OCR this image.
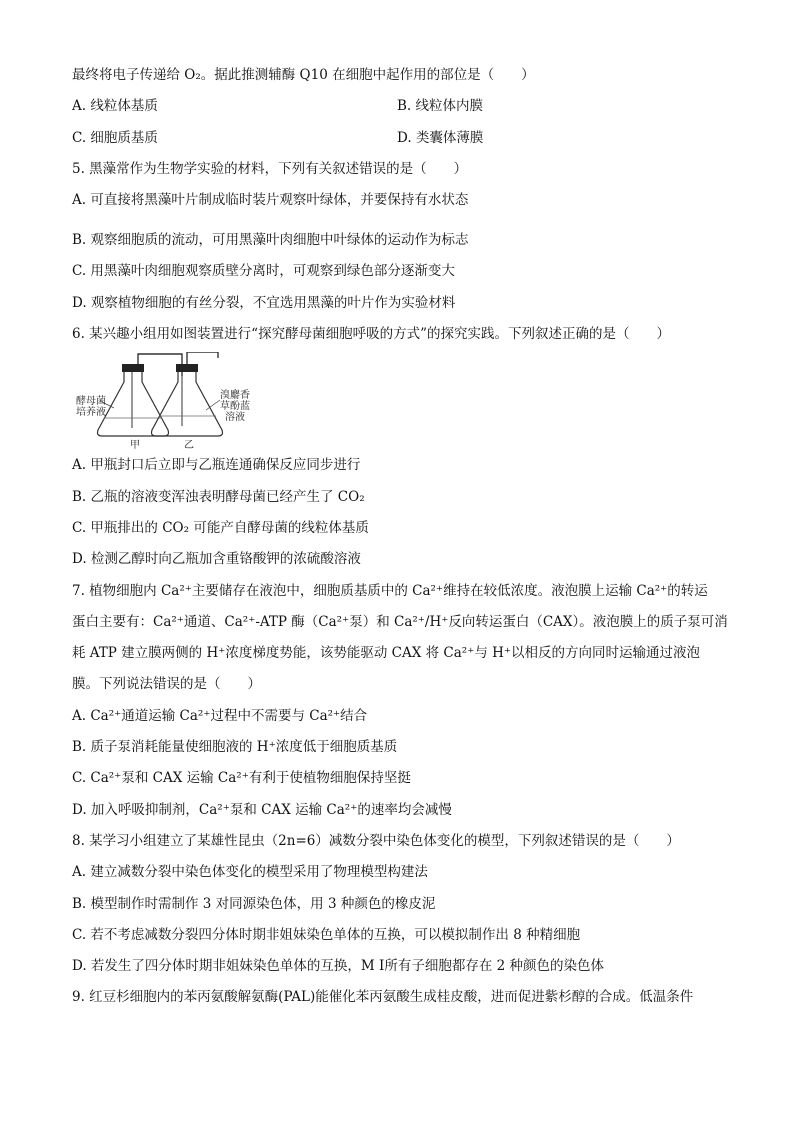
最终将电子传递给 O₂。据此推测辅酶 Q10 在细胞中起作用的部位是（　　）
A. 线粒体基质	B. 线粒体内膜
C. 细胞质基质	D. 类囊体薄膜
5. 黑藻常作为生物学实验的材料，下列有关叙述错误的是（　　）
A. 可直接将黑藻叶片制成临时装片观察叶绿体，并要保持有水状态
B. 观察细胞质的流动，可用黑藻叶肉细胞中叶绿体的运动作为标志
C. 用黑藻叶肉细胞观察质壁分离时，可观察到绿色部分逐渐变大
D. 观察植物细胞的有丝分裂，不宜选用黑藻的叶片作为实验材料
6. 某兴趣小组用如图装置进行“探究酵母菌细胞呼吸的方式”的探究实践。下列叙述正确的是（　　）
酵母菌
培养液
溴麝香
草酚蓝
溶液
甲	乙
A. 甲瓶封口后立即与乙瓶连通确保反应同步进行
B. 乙瓶的溶液变浑浊表明酵母菌已经产生了 CO₂
C. 甲瓶排出的 CO₂ 可能产自酵母菌的线粒体基质
D. 检测乙醇时向乙瓶加含重铬酸钾的浓硫酸溶液
7. 植物细胞内 Ca²⁺主要储存在液泡中，细胞质基质中的 Ca²⁺维持在较低浓度。液泡膜上运输 Ca²⁺的转运
蛋白主要有：Ca²⁺通道、Ca²⁺-ATP 酶（Ca²⁺泵）和 Ca²⁺/H⁺反向转运蛋白（CAX）。液泡膜上的质子泵可消
耗 ATP 建立膜两侧的 H⁺浓度梯度势能，该势能驱动 CAX 将 Ca²⁺与 H⁺以相反的方向同时运输通过液泡
膜。下列说法错误的是（　　）
A. Ca²⁺通道运输 Ca²⁺过程中不需要与 Ca²⁺结合
B. 质子泵消耗能量使细胞液的 H⁺浓度低于细胞质基质
C. Ca²⁺泵和 CAX 运输 Ca²⁺有利于使植物细胞保持坚挺
D. 加入呼吸抑制剂，Ca²⁺泵和 CAX 运输 Ca²⁺的速率均会减慢
8. 某学习小组建立了某雄性昆虫（2n=6）减数分裂中染色体变化的模型，下列叙述错误的是（　　）
A. 建立减数分裂中染色体变化的模型采用了物理模型构建法
B. 模型制作时需制作 3 对同源染色体，用 3 种颜色的橡皮泥
C. 若不考虑减数分裂四分体时期非姐妹染色单体的互换，可以模拟制作出 8 种精细胞
D. 若发生了四分体时期非姐妹染色单体的互换，M Ⅰ所有子细胞都存在 2 种颜色的染色体
9. 红豆杉细胞内的苯丙氨酸解氨酶(PAL)能催化苯丙氨酸生成桂皮酸，进而促进紫杉醇的合成。低温条件
